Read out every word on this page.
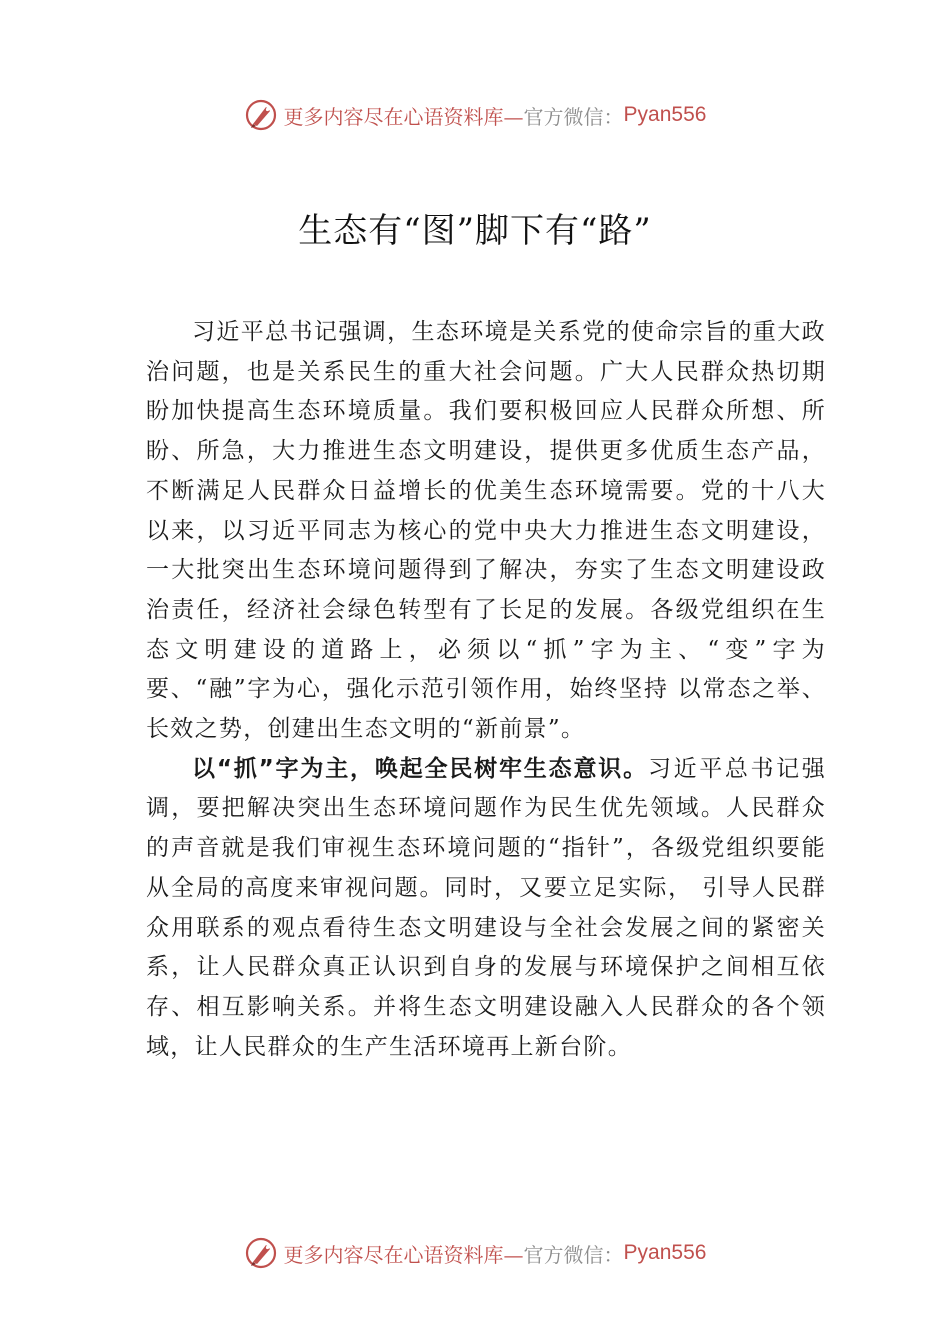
更多内容尽在心语资料库— 官方微信： Pyan556
生态有“图”脚下有“路”

习近平总书记强调，生态环境是关系党的使命宗旨的重大政治问题，也是关系民生的重大社会问题。广大人民群众热切期盼加快提高生态环境质量。我们要积极回应人民群众所想、所盼、所急，大力推进生态文明建设，提供更多优质生态产品，不断满足人民群众日益增长的优美生态环境需要。党的十八大以来，以习近平同志为核心的党中央大力推进生态文明建设，一大批突出生态环境问题得到了解决，夯实了生态文明建设政治责任，经济社会绿色转型有了长足的发展。各级党组织在生态文明建设的道路上，必须以“抓”字为主、“变”字为要、“融”字为心，强化示范引领作用，始终坚持 以常态之举、长效之势，创建出生态文明的“新前景”。

以“抓”字为主，唤起全民树牢生态意识。习近平总书记强调，要把解决突出生态环境问题作为民生优先领域。人民群众的声音就是我们审视生态环境问题的“指针”，各级党组织要能从全局的高度来审视问题。同时，又要立足实际， 引导人民群众用联系的观点看待生态文明建设与全社会发展之间的紧密关系，让人民群众真正认识到自身的发展与环境保护之间相互依存、相互影响关系。并将生态文明建设融入人民群众的各个领域，让人民群众的生产生活环境再上新台阶。

更多内容尽在心语资料库— 官方微信： Pyan556
